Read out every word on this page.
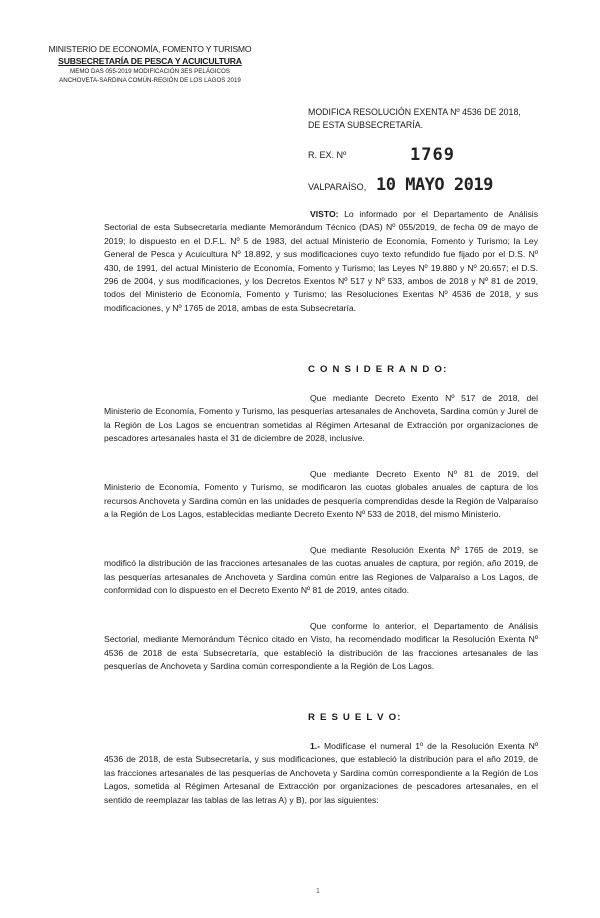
MINISTERIO DE ECONOMÍA, FOMENTO Y TURISMO
SUBSECRETARÍA DE PESCA Y ACUICULTURA
MEMO DAS 055-2019 MODIFICACIÓN 3ES PELÁGICOS
ANCHOVETA-SARDINA COMÚN-REGIÓN DE LOS LAGOS 2019
MODIFICA RESOLUCIÓN EXENTA Nº 4536 DE 2018,
DE ESTA SUBSECRETARÍA.
R. EX. Nº	1769
VALPARAÍSO, 10 MAYO 2019
VISTO: Lo informado por el Departamento de Análisis Sectorial de esta Subsecretaría mediante Memorándum Técnico (DAS) Nº 055/2019, de fecha 09 de mayo de 2019; lo dispuesto en el D.F.L. Nº 5 de 1983, del actual Ministerio de Economía, Fomento y Turismo; la Ley General de Pesca y Acuicultura Nº 18.892, y sus modificaciones cuyo texto refundido fue fijado por el D.S. Nº 430, de 1991, del actual Ministerio de Economía, Fomento y Turismo; las Leyes Nº 19.880 y Nº 20.657; el D.S. 296 de 2004, y sus modificaciones, y los Decretos Exentos Nº 517 y Nº 533, ambos de 2018 y Nº 81 de 2019, todos del Ministerio de Economía, Fomento y Turismo; las Resoluciones Exentas Nº 4536 de 2018, y sus modificaciones, y Nº 1765 de 2018, ambas de esta Subsecretaría.
C O N S I D E R A N D O:
Que mediante Decreto Exento Nº 517 de 2018, del Ministerio de Economía, Fomento y Turismo, las pesquerías artesanales de Anchoveta, Sardina común y Jurel de la Región de Los Lagos se encuentran sometidas al Régimen Artesanal de Extracción por organizaciones de pescadores artesanales hasta el 31 de diciembre de 2028, inclusive.
Que mediante Decreto Exento Nº 81 de 2019, del Ministerio de Economía, Fomento y Turismo, se modificaron las cuotas globales anuales de captura de los recursos Anchoveta y Sardina común en las unidades de pesquería comprendidas desde la Región de Valparaíso a la Región de Los Lagos, establecidas mediante Decreto Exento Nº 533 de 2018, del mismo Ministerio.
Que mediante Resolución Exenta Nº 1765 de 2019, se modificó la distribución de las fracciones artesanales de las cuotas anuales de captura, por región, año 2019, de las pesquerías artesanales de Anchoveta y Sardina común entre las Regiones de Valparaíso a Los Lagos, de conformidad con lo dispuesto en el Decreto Exento Nº 81 de 2019, antes citado.
Que conforme lo anterior, el Departamento de Análisis Sectorial, mediante Memorándum Técnico citado en Visto, ha recomendado modificar la Resolución Exenta Nº 4536 de 2018 de esta Subsecretaría, que estableció la distribución de las fracciones artesanales de las pesquerías de Anchoveta y Sardina común correspondiente a la Región de Los Lagos.
R E S U E L V O:
1.- Modifícase el numeral 1º de la Resolución Exenta Nº 4536 de 2018, de esta Subsecretaría, y sus modificaciones, que estableció la distribución para el año 2019, de las fracciones artesanales de las pesquerías de Anchoveta y Sardina común correspondiente a la Región de Los Lagos, sometida al Régimen Artesanal de Extracción por organizaciones de pescadores artesanales, en el sentido de reemplazar las tablas de las letras A) y B), por las siguientes:
1
